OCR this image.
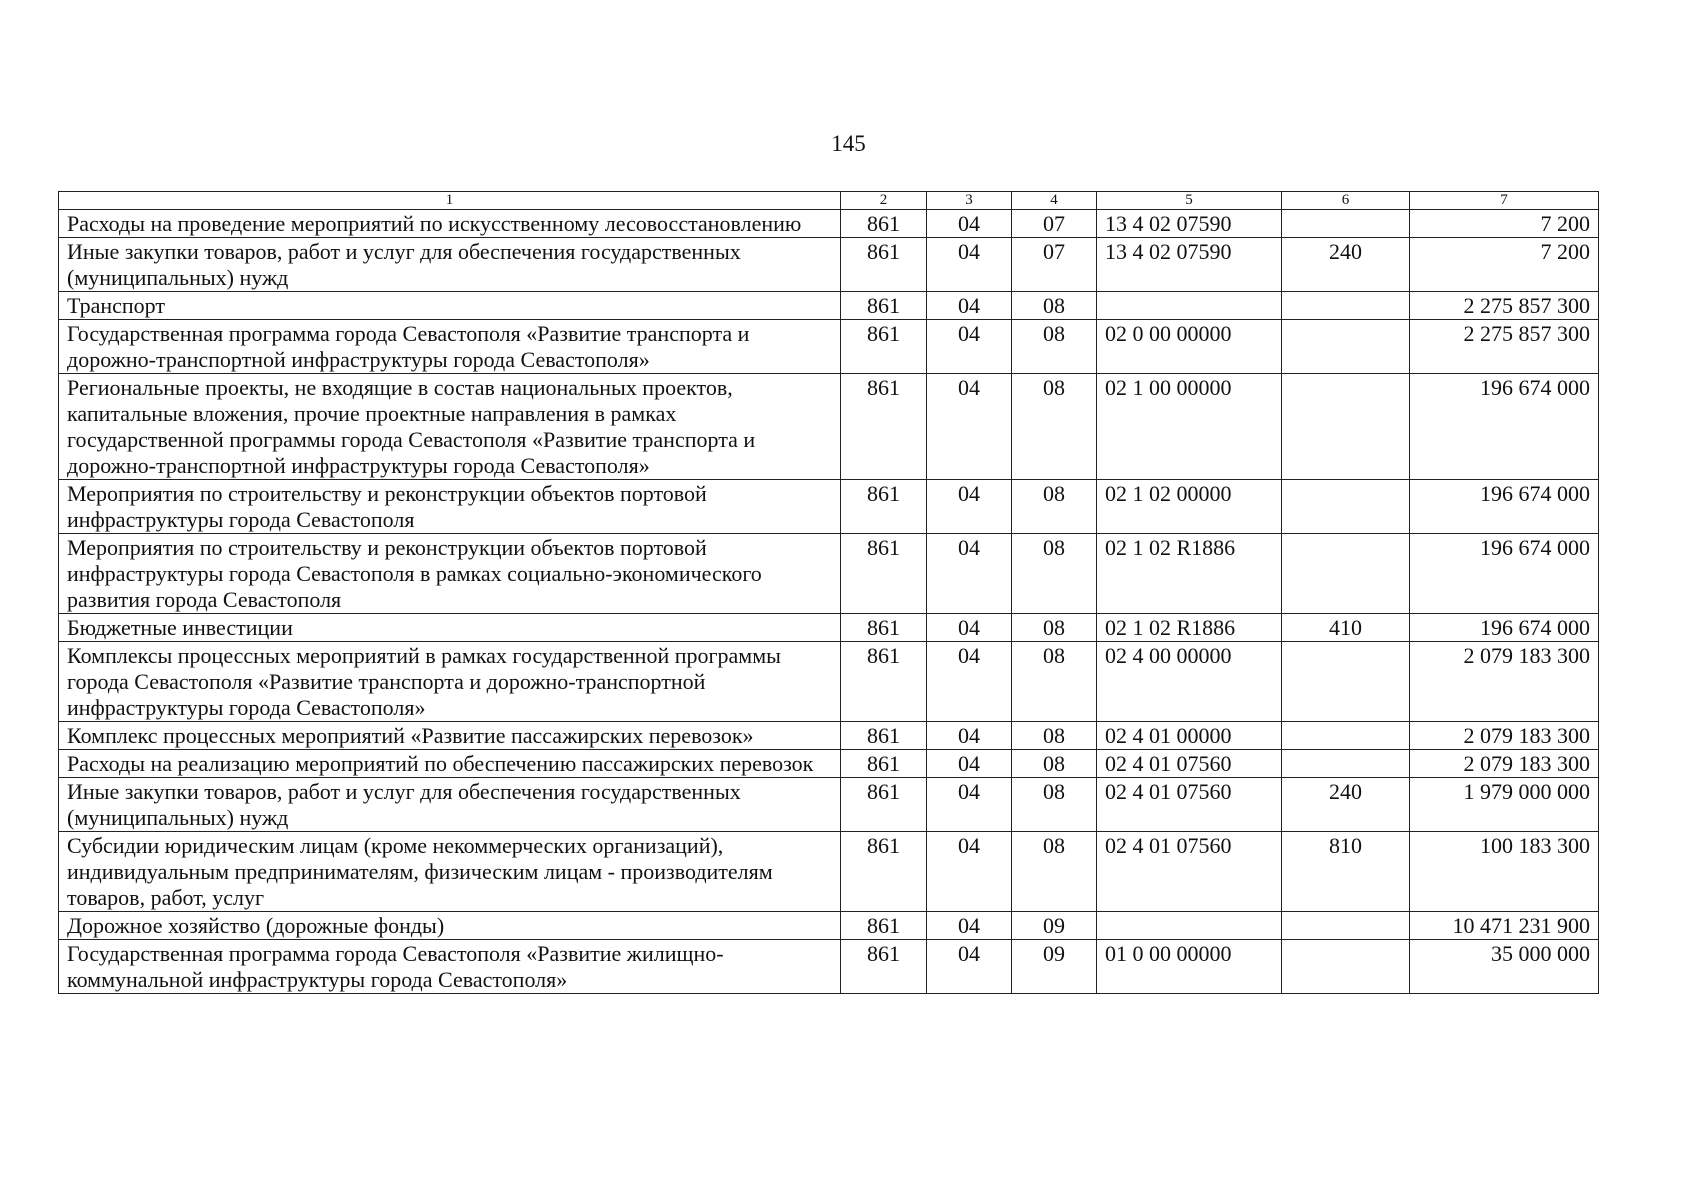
145
1	2	3	4	5	6	7
Расходы на проведение мероприятий по искусственному лесовосстановлению	861	04	07	13 4 02 07590		7 200
Иные закупки товаров, работ и услуг для обеспечения государственных (муниципальных) нужд	861	04	07	13 4 02 07590	240	7 200
Транспорт	861	04	08			2 275 857 300
Государственная программа города Севастополя «Развитие транспорта и дорожно-транспортной инфраструктуры города Севастополя»	861	04	08	02 0 00 00000		2 275 857 300
Региональные проекты, не входящие в состав национальных проектов, капитальные вложения, прочие проектные направления в рамках государственной программы города Севастополя «Развитие транспорта и дорожно-транспортной инфраструктуры города Севастополя»	861	04	08	02 1 00 00000		196 674 000
Мероприятия по строительству и реконструкции объектов портовой инфраструктуры города Севастополя	861	04	08	02 1 02 00000		196 674 000
Мероприятия по строительству и реконструкции объектов портовой инфраструктуры города Севастополя в рамках социально-экономического развития города Севастополя	861	04	08	02 1 02 R1886		196 674 000
Бюджетные инвестиции	861	04	08	02 1 02 R1886	410	196 674 000
Комплексы процессных мероприятий в рамках государственной программы города Севастополя «Развитие транспорта и дорожно-транспортной инфраструктуры города Севастополя»	861	04	08	02 4 00 00000		2 079 183 300
Комплекс процессных мероприятий «Развитие пассажирских перевозок»	861	04	08	02 4 01 00000		2 079 183 300
Расходы на реализацию мероприятий по обеспечению пассажирских перевозок	861	04	08	02 4 01 07560		2 079 183 300
Иные закупки товаров, работ и услуг для обеспечения государственных (муниципальных) нужд	861	04	08	02 4 01 07560	240	1 979 000 000
Субсидии юридическим лицам (кроме некоммерческих организаций), индивидуальным предпринимателям, физическим лицам - производителям товаров, работ, услуг	861	04	08	02 4 01 07560	810	100 183 300
Дорожное хозяйство (дорожные фонды)	861	04	09			10 471 231 900
Государственная программа города Севастополя «Развитие жилищно-коммунальной инфраструктуры города Севастополя»	861	04	09	01 0 00 00000		35 000 000
